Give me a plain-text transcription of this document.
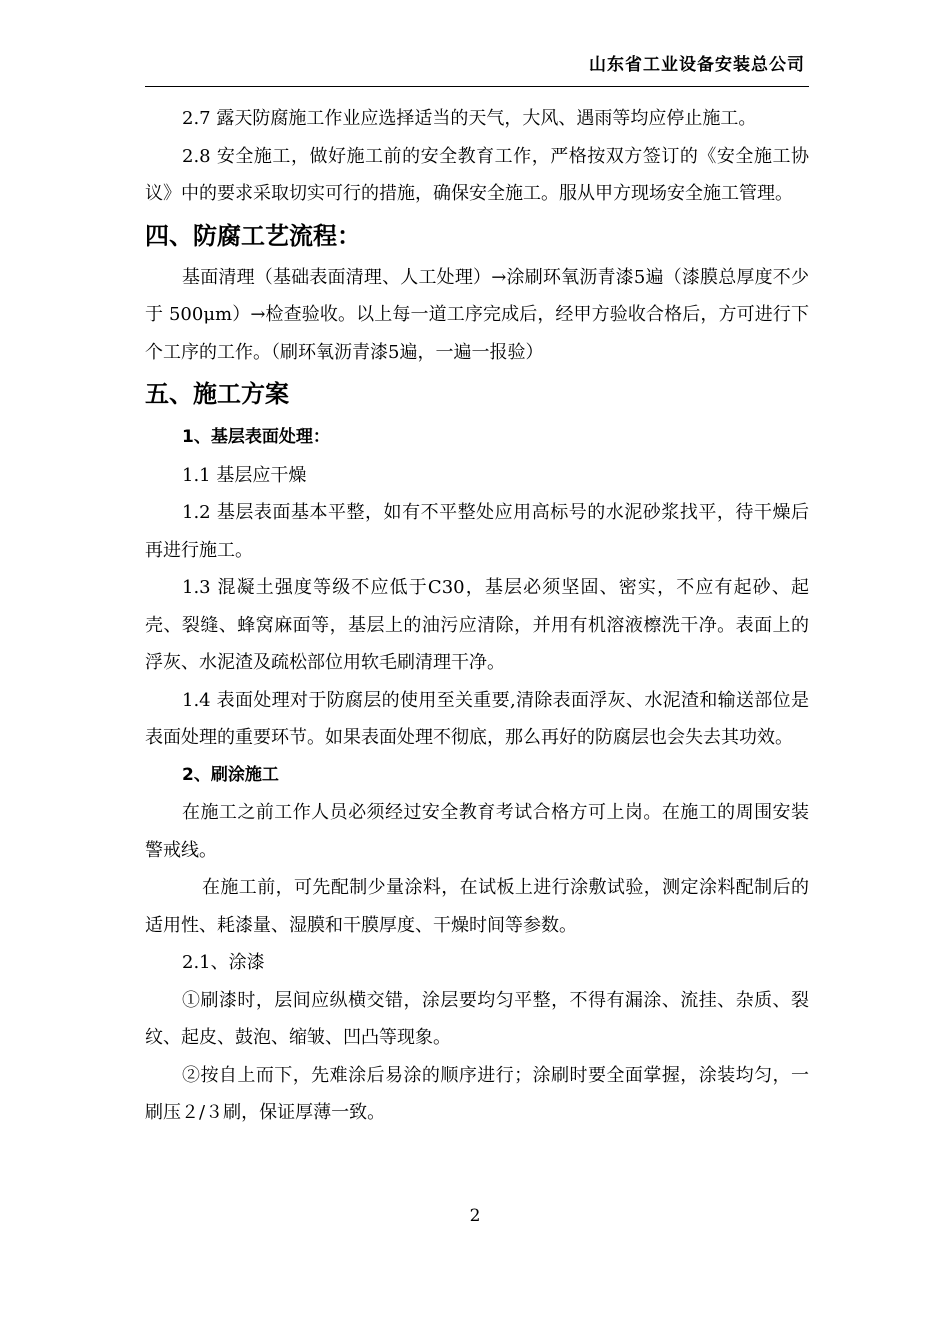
山东省工业设备安装总公司

2.7 露天防腐施工作业应选择适当的天气，大风、遇雨等均应停止施工。

2.8 安全施工，做好施工前的安全教育工作，严格按双方签订的《安全施工协议》中的要求采取切实可行的措施，确保安全施工。服从甲方现场安全施工管理。

四、防腐工艺流程：

基面清理（基础表面清理、人工处理）→涂刷环氧沥青漆5遍（漆膜总厚度不少于 500μm）→检查验收。以上每一道工序完成后，经甲方验收合格后，方可进行下个工序的工作。（刷环氧沥青漆5遍，一遍一报验）

五、施工方案

1、基层表面处理：

1.1 基层应干燥

1.2 基层表面基本平整，如有不平整处应用高标号的水泥砂浆找平，待干燥后再进行施工。

1.3 混凝土强度等级不应低于C30，基层必须坚固、密实，不应有起砂、起壳、裂缝、蜂窝麻面等，基层上的油污应清除，并用有机溶液檫洗干净。表面上的浮灰、水泥渣及疏松部位用软毛刷清理干净。

1.4 表面处理对于防腐层的使用至关重要,清除表面浮灰、水泥渣和输送部位是表面处理的重要环节。如果表面处理不彻底，那么再好的防腐层也会失去其功效。

2、刷涂施工

在施工之前工作人员必须经过安全教育考试合格方可上岗。在施工的周围安装警戒线。

在施工前，可先配制少量涂料，在试板上进行涂敷试验，测定涂料配制后的适用性、耗漆量、湿膜和干膜厚度、干燥时间等参数。

2.1、涂漆

①刷漆时，层间应纵横交错，涂层要均匀平整，不得有漏涂、流挂、杂质、裂纹、起皮、鼓泡、缩皱、凹凸等现象。

②按自上而下，先难涂后易涂的顺序进行；涂刷时要全面掌握，涂装均匀，一刷压２/３刷，保证厚薄一致。

2
